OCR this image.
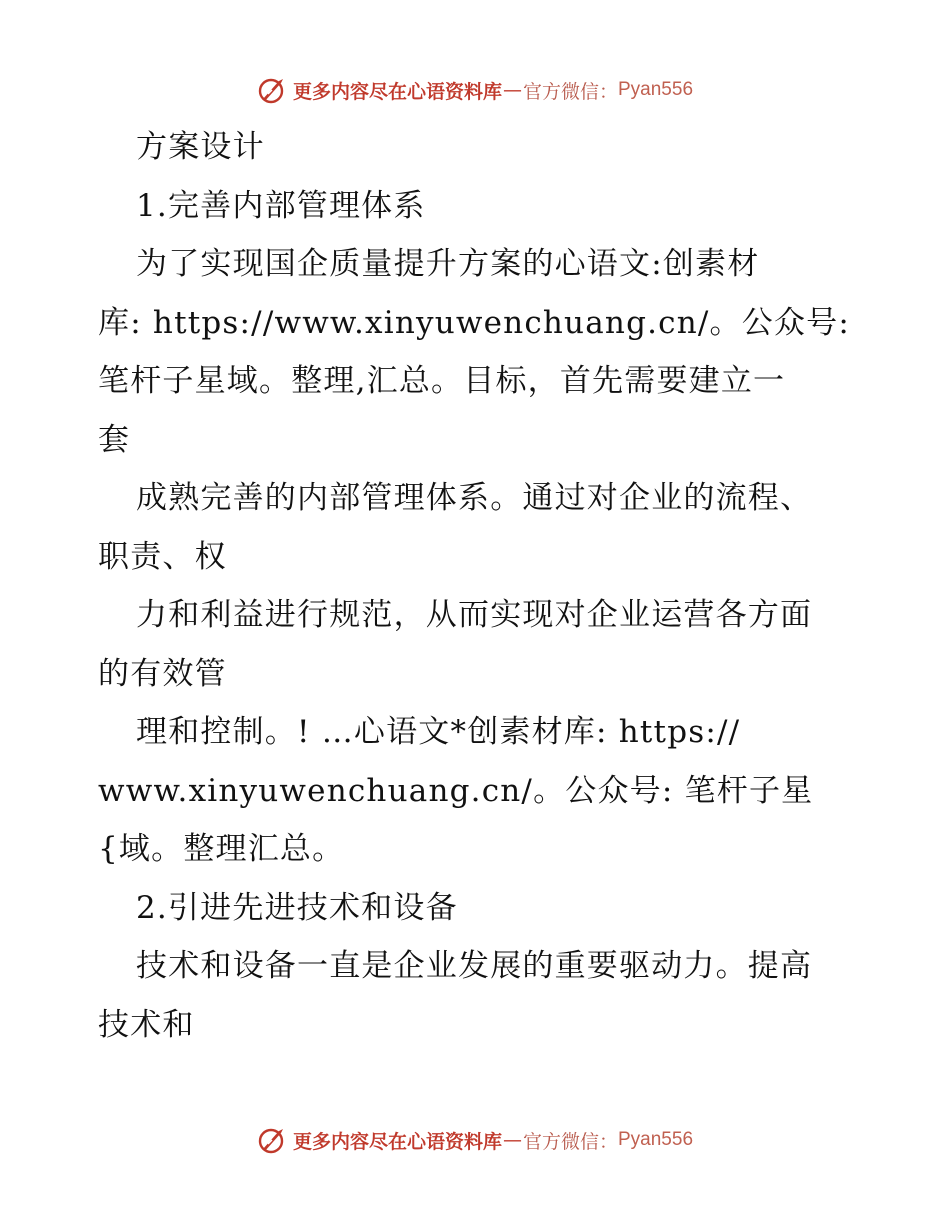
更多内容尽在心语资料库 — 官方微信： Pyan556
方案设计
1.完善内部管理体系
为了实现国企质量提升方案的心语文:创素材
库: https://www.xinyuwenchuang.cn/。公众号:
笔杆子星域。整理,汇总。目标，首先需要建立一
套
成熟完善的内部管理体系。通过对企业的流程、
职责、权
力和利益进行规范，从而实现对企业运营各方面
的有效管
理和控制。! …心语文*创素材库: https://
www.xinyuwenchuang.cn/。公众号: 笔杆子星
{域。整理汇总。
2.引进先进技术和设备
技术和设备一直是企业发展的重要驱动力。提高
技术和
更多内容尽在心语资料库 — 官方微信： Pyan556
